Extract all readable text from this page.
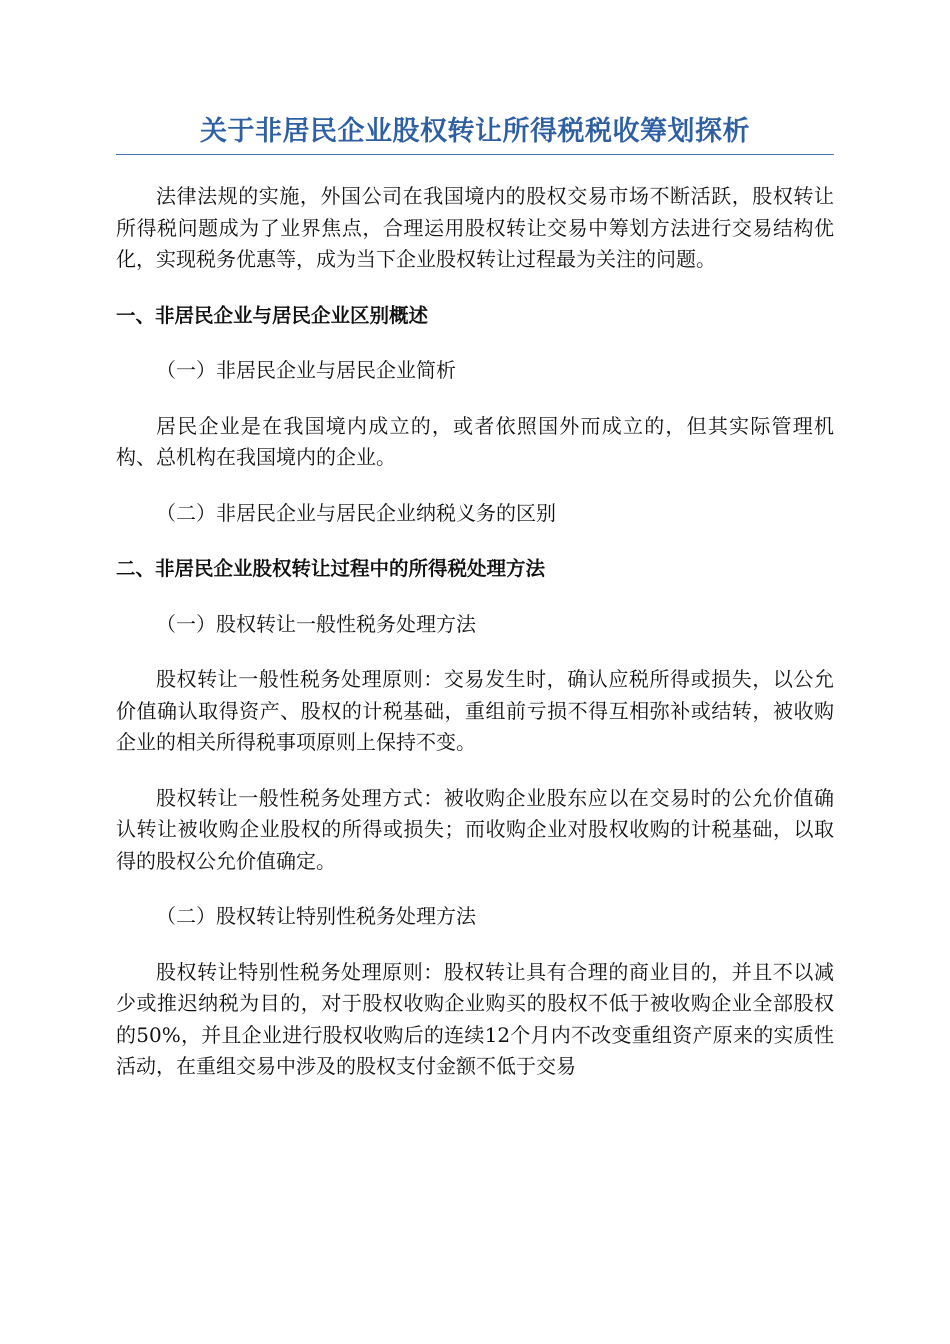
关于非居民企业股权转让所得税税收筹划探析

法律法规的实施，外国公司在我国境内的股权交易市场不断活跃，股权转让所得税问题成为了业界焦点，合理运用股权转让交易中筹划方法进行交易结构优化，实现税务优惠等，成为当下企业股权转让过程最为关注的问题。

一、非居民企业与居民企业区别概述

（一）非居民企业与居民企业简析

居民企业是在我国境内成立的，或者依照国外而成立的，但其实际管理机构、总机构在我国境内的企业。

（二）非居民企业与居民企业纳税义务的区别

二、非居民企业股权转让过程中的所得税处理方法

（一）股权转让一般性税务处理方法

股权转让一般性税务处理原则：交易发生时，确认应税所得或损失，以公允价值确认取得资产、股权的计税基础，重组前亏损不得互相弥补或结转，被收购企业的相关所得税事项原则上保持不变。

股权转让一般性税务处理方式：被收购企业股东应以在交易时的公允价值确认转让被收购企业股权的所得或损失；而收购企业对股权收购的计税基础，以取得的股权公允价值确定。

（二）股权转让特别性税务处理方法

股权转让特别性税务处理原则：股权转让具有合理的商业目的，并且不以减少或推迟纳税为目的，对于股权收购企业购买的股权不低于被收购企业全部股权的50%，并且企业进行股权收购后的连续12个月内不改变重组资产原来的实质性活动，在重组交易中涉及的股权支付金额不低于交易
